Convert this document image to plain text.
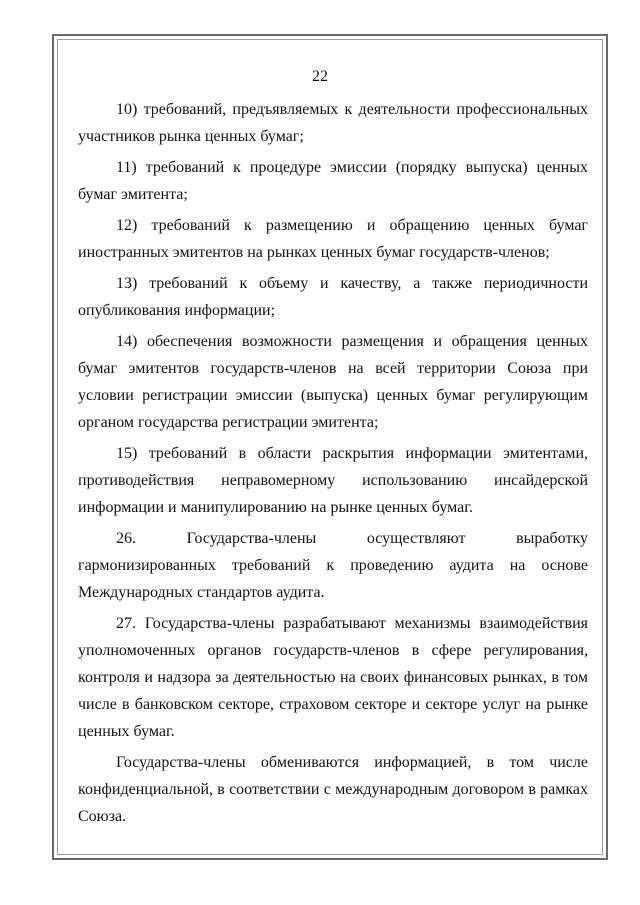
22

10) требований, предъявляемых к деятельности профессиональных участников рынка ценных бумаг;

11) требований к процедуре эмиссии (порядку выпуска) ценных бумаг эмитента;

12) требований к размещению и обращению ценных бумаг иностранных эмитентов на рынках ценных бумаг государств-членов;

13) требований к объему и качеству, а также периодичности опубликования информации;

14) обеспечения возможности размещения и обращения ценных бумаг эмитентов государств-членов на всей территории Союза при условии регистрации эмиссии (выпуска) ценных бумаг регулирующим органом государства регистрации эмитента;

15) требований в области раскрытия информации эмитентами, противодействия неправомерному использованию инсайдерской информации и манипулированию на рынке ценных бумаг.

26. Государства-члены осуществляют выработку гармонизированных требований к проведению аудита на основе Международных стандартов аудита.

27. Государства-члены разрабатывают механизмы взаимодействия уполномоченных органов государств-членов в сфере регулирования, контроля и надзора за деятельностью на своих финансовых рынках, в том числе в банковском секторе, страховом секторе и секторе услуг на рынке ценных бумаг.

Государства-члены обмениваются информацией, в том числе конфиденциальной, в соответствии с международным договором в рамках Союза.
